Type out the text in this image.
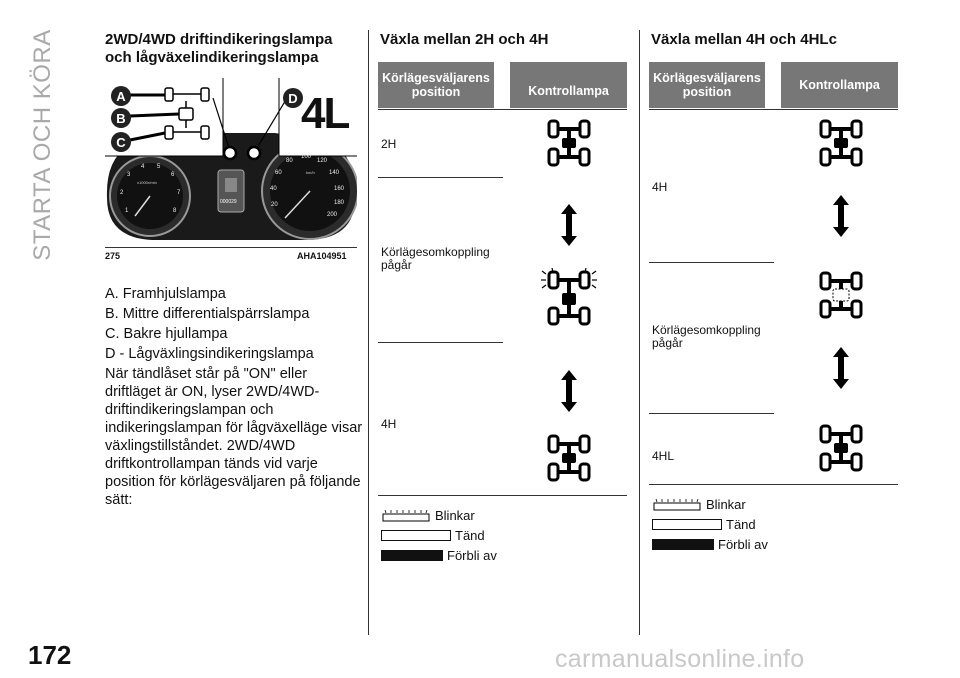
STARTA OCH KÖRA	2WD/4WD driftindikeringslampa
och lågväxelindikeringslampa
A
B
C
D 4L
1
2
3
4 5
6
7
8
x1000r/min
20
40
60
80
100
120
140
160
180
200
km/h
000029
275	AHA104951
A. Framhjulslampa
B. Mittre differentialspärrslampa
C. Bakre hjullampa
D - Lågväxlingsindikeringslampa
När tändlåset står på "ON" eller
driftläget är ON, lyser 2WD/4WD-
driftindikeringslampan och
indikeringslampan för lågväxelläge visar
växlingstillståndet. 2WD/4WD
driftkontrollampan tänds vid varje
position för körlägesväljaren på följande
sätt:
Växla mellan 2H och 4H
Körlägesväljarens
position	Kontrollampa
2H
Körlägesomkoppling
pågår
4H
Blinkar
Tänd
Förbli av
Växla mellan 4H och 4HLc
Körlägesväljarens
position	Kontrollampa
4H
Körlägesomkoppling
pågår
4HL
Blinkar
Tänd
Förbli av
172	carmanualsonline.info
